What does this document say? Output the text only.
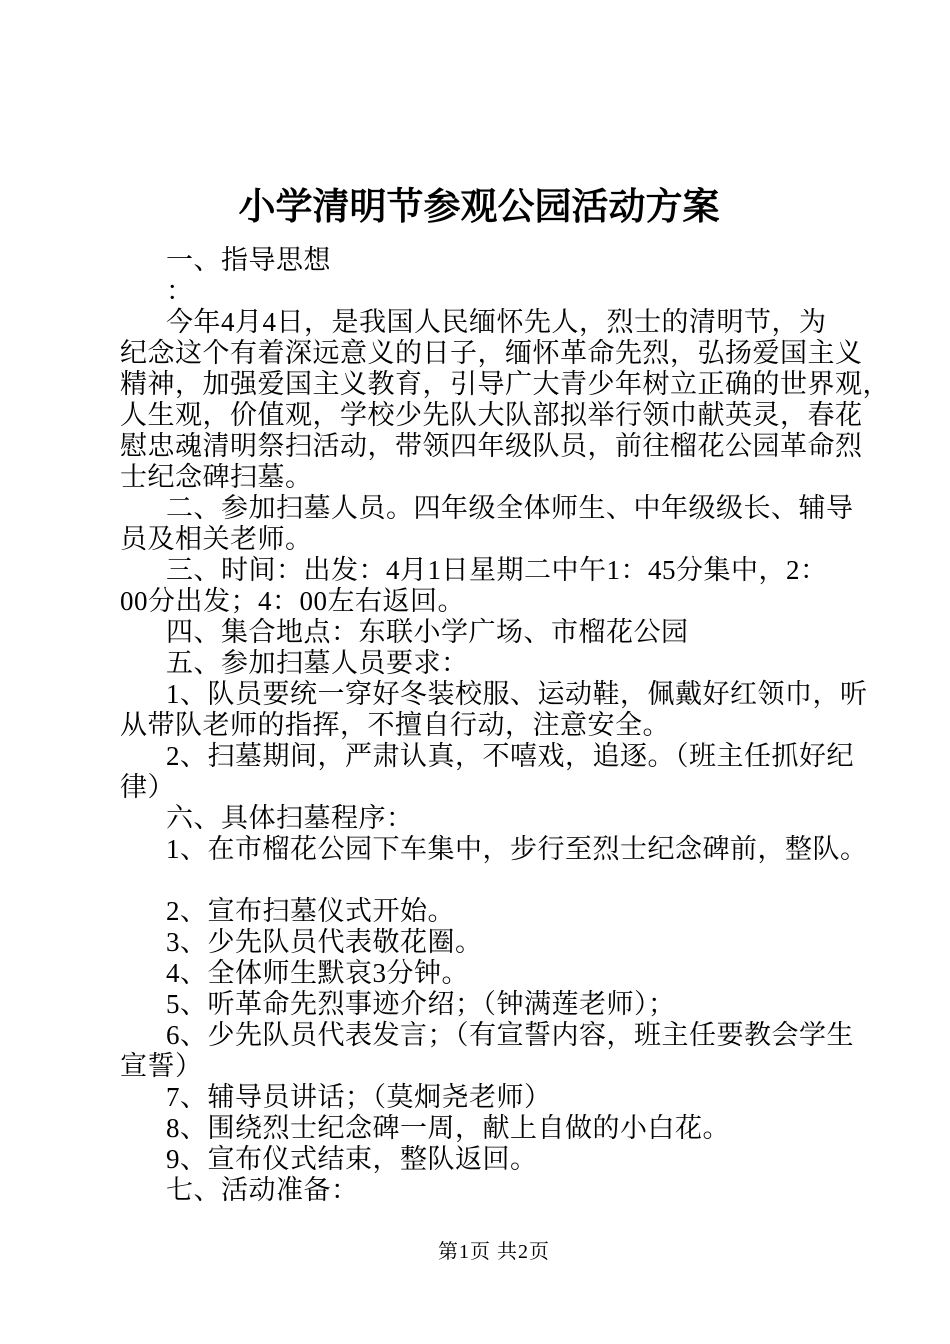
小学清明节参观公园活动方案
一、指导思想
：
今年4月4日，是我国人民缅怀先人，烈士的清明节，为
纪念这个有着深远意义的日子，缅怀革命先烈，弘扬爱国主义
精神，加强爱国主义教育，引导广大青少年树立正确的世界观，
人生观，价值观，学校少先队大队部拟举行领巾献英灵，春花
慰忠魂清明祭扫活动，带领四年级队员，前往榴花公园革命烈
士纪念碑扫墓。
二、参加扫墓人员。四年级全体师生、中年级级长、辅导
员及相关老师。
三、时间：出发：4月1日星期二中午1：45分集中，2：
00分出发；4：00左右返回。
四、集合地点：东联小学广场、市榴花公园
五、参加扫墓人员要求：
1、队员要统一穿好冬装校服、运动鞋，佩戴好红领巾，听
从带队老师的指挥，不擅自行动，注意安全。
2、扫墓期间，严肃认真，不嘻戏，追逐。（班主任抓好纪
律）
六、具体扫墓程序：
1、在市榴花公园下车集中，步行至烈士纪念碑前，整队。
2、宣布扫墓仪式开始。
3、少先队员代表敬花圈。
4、全体师生默哀3分钟。
5、听革命先烈事迹介绍；（钟满莲老师）；
6、少先队员代表发言；（有宣誓内容，班主任要教会学生
宣誓）
7、辅导员讲话；（莫炯尧老师）
8、围绕烈士纪念碑一周，献上自做的小白花。
9、宣布仪式结束，整队返回。
七、活动准备：
第1页 共2页
